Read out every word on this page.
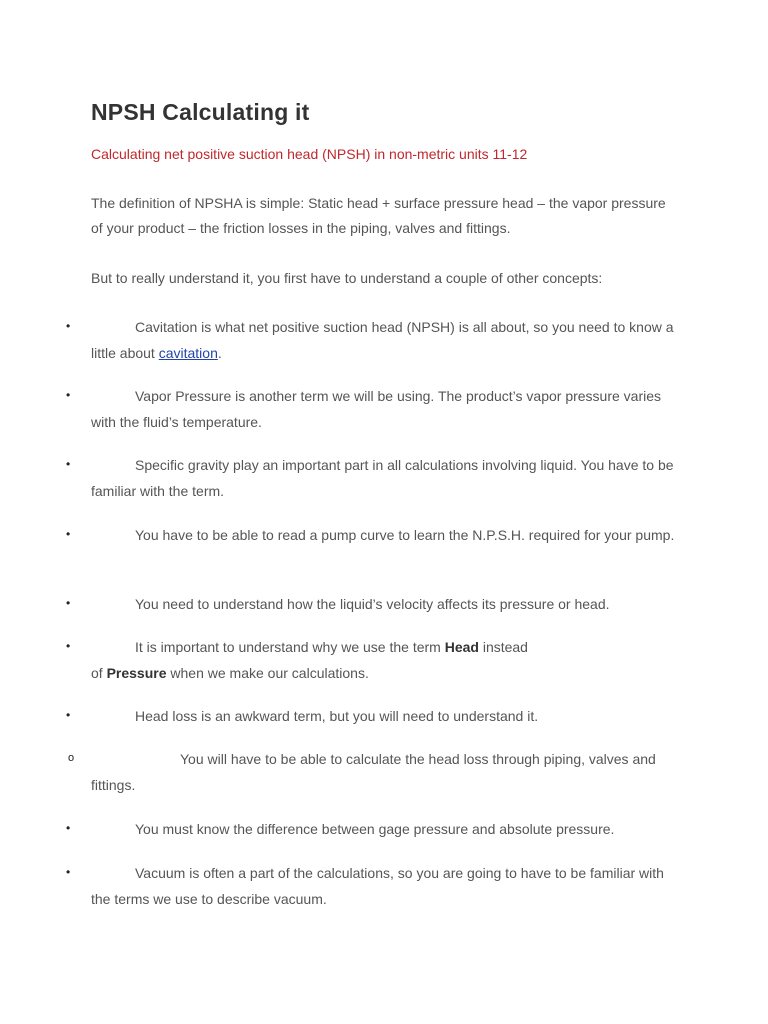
NPSH Calculating it

Calculating net positive suction head (NPSH) in non-metric units 11-12

The definition of NPSHA is simple: Static head + surface pressure head – the vapor pressure of your product – the friction losses in the piping, valves and fittings.

But to really understand it, you first have to understand a couple of other concepts:

•	Cavitation is what net positive suction head (NPSH) is all about, so you need to know a little about cavitation.

•	Vapor Pressure is another term we will be using. The product’s vapor pressure varies with the fluid’s temperature.

•	Specific gravity play an important part in all calculations involving liquid. You have to be familiar with the term.

•	You have to be able to read a pump curve to learn the N.P.S.H. required for your pump.

•	You need to understand how the liquid’s velocity affects its pressure or head.

•	It is important to understand why we use the term Head instead
of Pressure when we make our calculations.

•	Head loss is an awkward term, but you will need to understand it.

o	You will have to be able to calculate the head loss through piping, valves and fittings.

•	You must know the difference between gage pressure and absolute pressure.

•	Vacuum is often a part of the calculations, so you are going to have to be familiar with the terms we use to describe vacuum.
